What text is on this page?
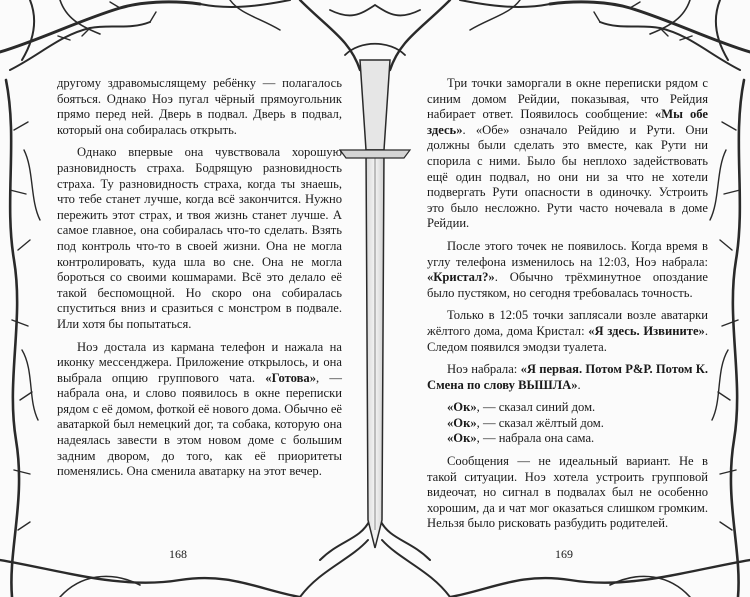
другому здравомыслящему ребёнку — полагалось бояться. Однако Ноэ пугал чёрный прямоугольник прямо перед ней. Дверь в подвал. Дверь в подвал, который она собиралась открыть.

Однако впервые она чувствовала хорошую разновидность страха. Бодрящую разновидность страха. Ту разновидность страха, когда ты знаешь, что тебе станет лучше, когда всё закончится. Нужно пережить этот страх, и твоя жизнь станет лучше. А самое главное, она собиралась что-то сделать. Взять под контроль что-то в своей жизни. Она не могла контролировать, куда шла во сне. Она не могла бороться со своими кошмарами. Всё это делало её такой беспомощной. Но скоро она собиралась спуститься вниз и сразиться с монстром в подвале. Или хотя бы попытаться.

Ноэ достала из кармана телефон и нажала на иконку мессенджера. Приложение открылось, и она выбрала опцию группового чата. «Готова», — набрала она, и слово появилось в окне переписки рядом с её домом, фоткой её нового дома. Обычно её аватаркой был немецкий дог, та собака, которую она надеялась завести в этом новом доме с большим задним двором, до того, как её приоритеты поменялись. Она сменила аватарку на этот вечер.

168

Три точки заморгали в окне переписки рядом с синим домом Рейдии, показывая, что Рейдия набирает ответ. Появилось сообщение: «Мы обе здесь». «Обе» означало Рейдию и Рути. Они должны были сделать это вместе, как Рути ни спорила с ними. Было бы неплохо задействовать ещё один подвал, но они ни за что не хотели подвергать Рути опасности в одиночку. Устроить это было несложно. Рути часто ночевала в доме Рейдии.

После этого точек не появилось. Когда время в углу телефона изменилось на 12:03, Ноэ набрала: «Кристал?». Обычно трёхминутное опоздание было пустяком, но сегодня требовалась точность.

Только в 12:05 точки заплясали возле аватарки жёлтого дома, дома Кристал: «Я здесь. Извините». Следом появился эмодзи туалета.

Ноэ набрала: «Я первая. Потом Р&Р. Потом К. Смена по слову ВЫШЛА».

«Ок», — сказал синий дом.

«Ок», — сказал жёлтый дом.

«Ок», — набрала она сама.

Сообщения — не идеальный вариант. Не в такой ситуации. Ноэ хотела устроить групповой видеочат, но сигнал в подвалах был не особенно хорошим, да и чат мог оказаться слишком громким. Нельзя было рисковать разбудить родителей.

169
